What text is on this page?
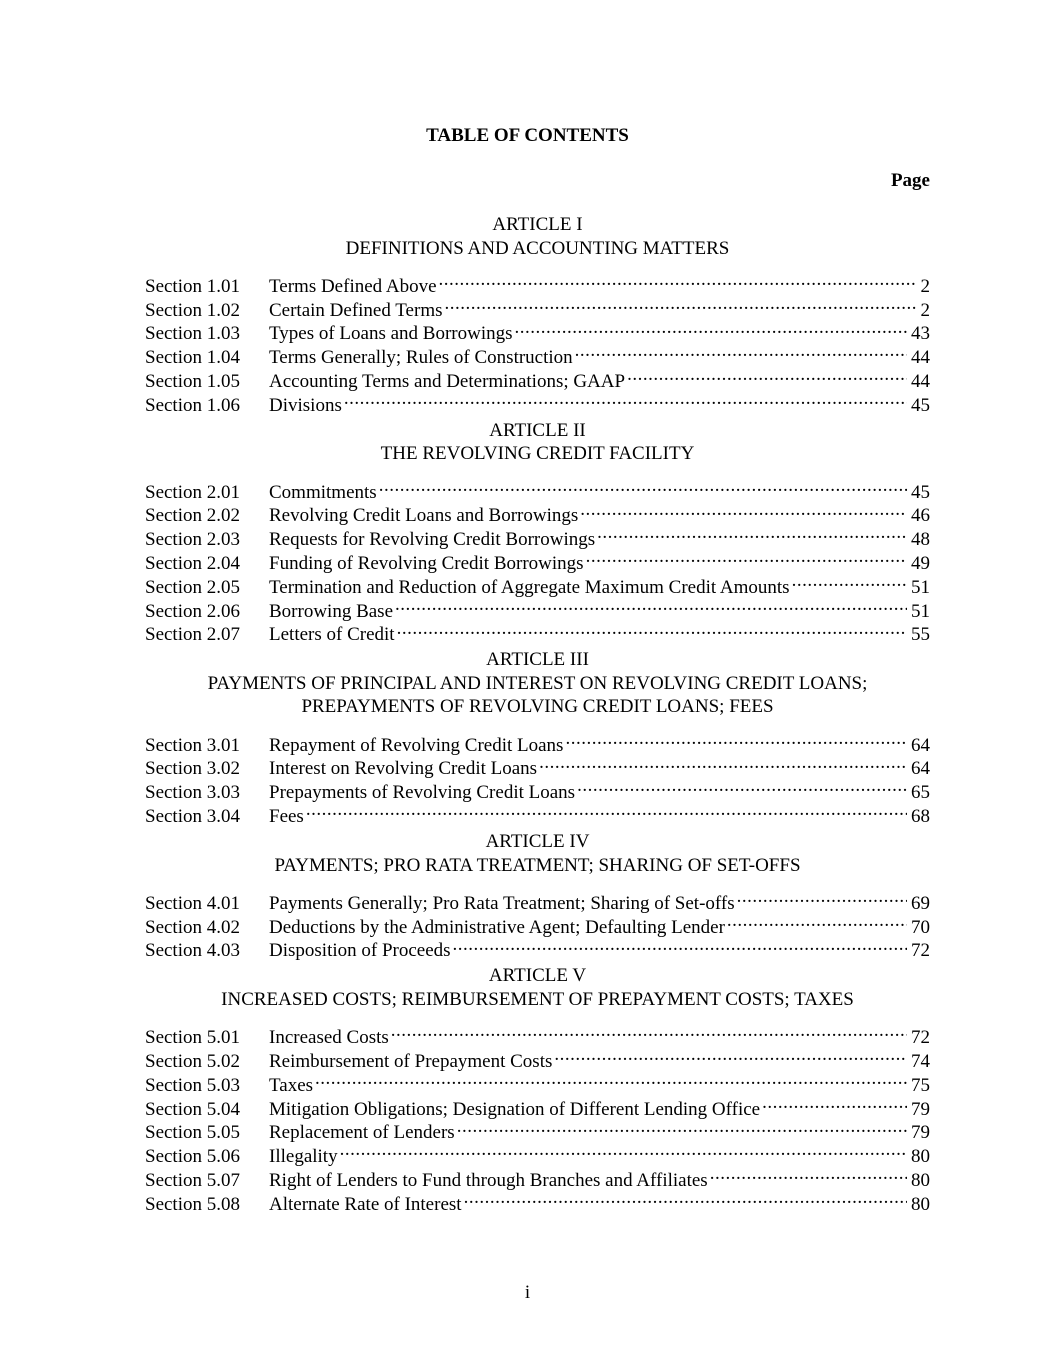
TABLE OF CONTENTS
Page
ARTICLE I
DEFINITIONS AND ACCOUNTING MATTERS
Section 1.01	Terms Defined Above .....	2
Section 1.02	Certain Defined Terms .....	2
Section 1.03	Types of Loans and Borrowings .....	43
Section 1.04	Terms Generally; Rules of Construction .....	44
Section 1.05	Accounting Terms and Determinations; GAAP .....	44
Section 1.06	Divisions .....	45
ARTICLE II
THE REVOLVING CREDIT FACILITY
Section 2.01	Commitments .....	45
Section 2.02	Revolving Credit Loans and Borrowings .....	46
Section 2.03	Requests for Revolving Credit Borrowings .....	48
Section 2.04	Funding of Revolving Credit Borrowings .....	49
Section 2.05	Termination and Reduction of Aggregate Maximum Credit Amounts .....	51
Section 2.06	Borrowing Base .....	51
Section 2.07	Letters of Credit .....	55
ARTICLE III
PAYMENTS OF PRINCIPAL AND INTEREST ON REVOLVING CREDIT LOANS;
PREPAYMENTS OF REVOLVING CREDIT LOANS; FEES
Section 3.01	Repayment of Revolving Credit Loans .....	64
Section 3.02	Interest on Revolving Credit Loans .....	64
Section 3.03	Prepayments of Revolving Credit Loans .....	65
Section 3.04	Fees .....	68
ARTICLE IV
PAYMENTS; PRO RATA TREATMENT; SHARING OF SET-OFFS
Section 4.01	Payments Generally; Pro Rata Treatment; Sharing of Set-offs .....	69
Section 4.02	Deductions by the Administrative Agent; Defaulting Lender .....	70
Section 4.03	Disposition of Proceeds .....	72
ARTICLE V
INCREASED COSTS; REIMBURSEMENT OF PREPAYMENT COSTS; TAXES
Section 5.01	Increased Costs .....	72
Section 5.02	Reimbursement of Prepayment Costs .....	74
Section 5.03	Taxes .....	75
Section 5.04	Mitigation Obligations; Designation of Different Lending Office .....	79
Section 5.05	Replacement of Lenders .....	79
Section 5.06	Illegality .....	80
Section 5.07	Right of Lenders to Fund through Branches and Affiliates .....	80
Section 5.08	Alternate Rate of Interest .....	80
i
